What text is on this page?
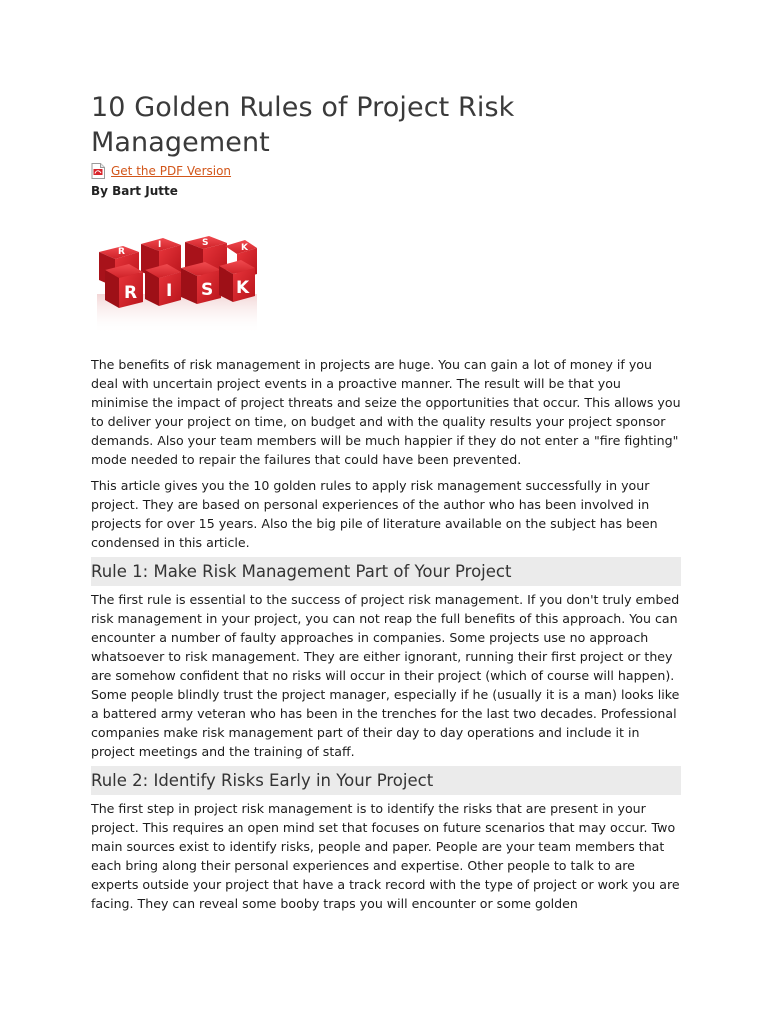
10 Golden Rules of Project Risk Management
Get the PDF Version
By Bart Jutte
R
I	S	K
R I S K

The benefits of risk management in projects are huge. You can gain a lot of money if you deal with uncertain project events in a proactive manner. The result will be that you minimise the impact of project threats and seize the opportunities that occur. This allows you to deliver your project on time, on budget and with the quality results your project sponsor demands. Also your team members will be much happier if they do not enter a "fire fighting" mode needed to repair the failures that could have been prevented.

This article gives you the 10 golden rules to apply risk management successfully in your project. They are based on personal experiences of the author who has been involved in projects for over 15 years. Also the big pile of literature available on the subject has been condensed in this article.

Rule 1: Make Risk Management Part of Your Project

The first rule is essential to the success of project risk management. If you don't truly embed risk management in your project, you can not reap the full benefits of this approach. You can encounter a number of faulty approaches in companies. Some projects use no approach whatsoever to risk management. They are either ignorant, running their first project or they are somehow confident that no risks will occur in their project (which of course will happen). Some people blindly trust the project manager, especially if he (usually it is a man) looks like a battered army veteran who has been in the trenches for the last two decades. Professional companies make risk management part of their day to day operations and include it in project meetings and the training of staff.

Rule 2: Identify Risks Early in Your Project

The first step in project risk management is to identify the risks that are present in your project. This requires an open mind set that focuses on future scenarios that may occur. Two main sources exist to identify risks, people and paper. People are your team members that each bring along their personal experiences and expertise. Other people to talk to are experts outside your project that have a track record with the type of project or work you are facing. They can reveal some booby traps you will encounter or some golden
